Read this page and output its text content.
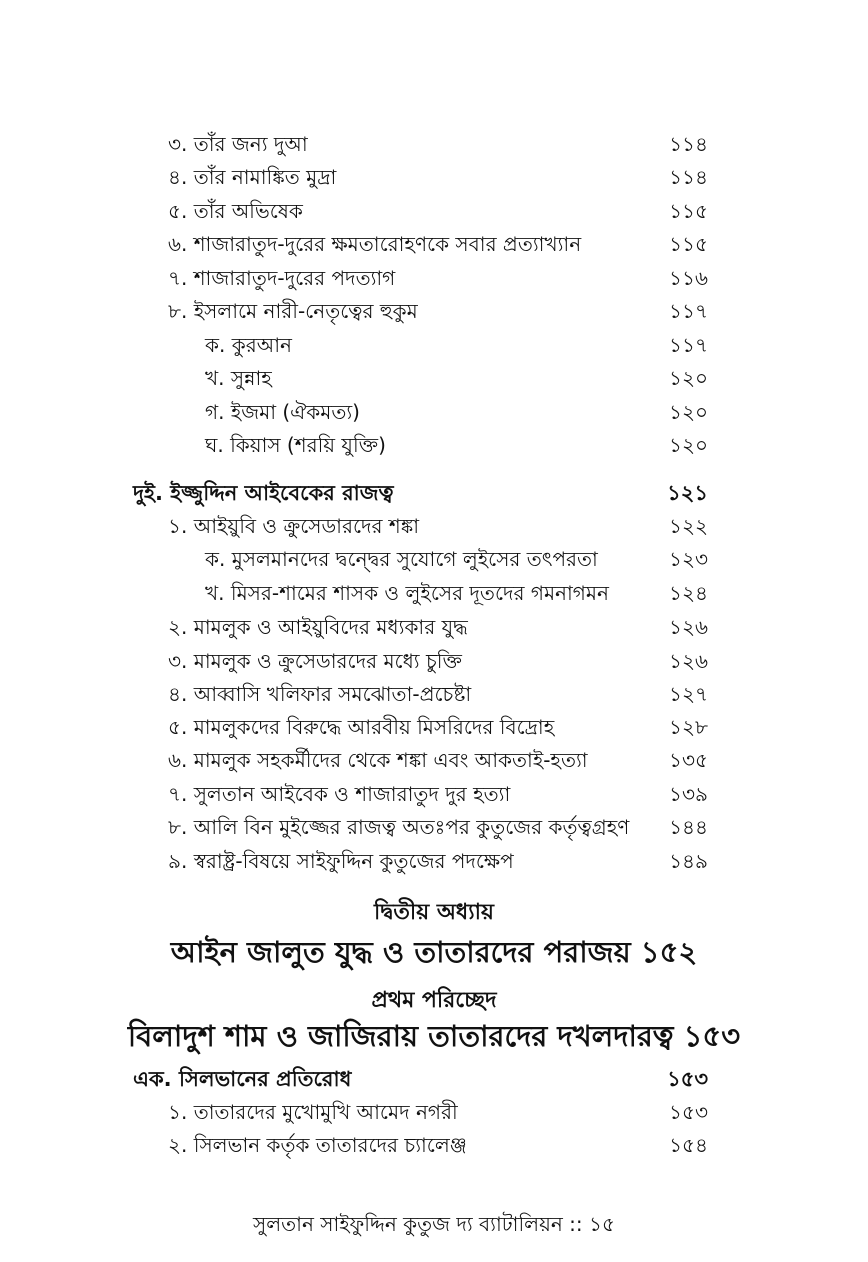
৩. তাঁর জন্য দুআ	১১৪
৪. তাঁর নামাঙ্কিত মুদ্রা	১১৪
৫. তাঁর অভিষেক	১১৫
৬. শাজারাতুদ-দুরের ক্ষমতারোহণকে সবার প্রত্যাখ্যান	১১৫
৭. শাজারাতুদ-দুরের পদত্যাগ	১১৬
৮. ইসলামে নারী-নেতৃত্বের হুকুম	১১৭
ক. কুরআন	১১৭
খ. সুন্নাহ	১২০
গ. ইজমা (ঐকমত্য)	১২০
ঘ. কিয়াস (শরয়ি যুক্তি)	১২০
দুই. ইজ্জুদ্দিন আইবেকের রাজত্ব	১২১
১. আইয়ুবি ও ক্রুসেডারদের শঙ্কা	১২২
ক. মুসলমানদের দ্বন্দ্বের সুযোগে লুইসের তৎপরতা	১২৩
খ. মিসর-শামের শাসক ও লুইসের দূতদের গমনাগমন	১২৪
২. মামলুক ও আইয়ুবিদের মধ্যকার যুদ্ধ	১২৬
৩. মামলুক ও ক্রুসেডারদের মধ্যে চুক্তি	১২৬
৪. আব্বাসি খলিফার সমঝোতা-প্রচেষ্টা	১২৭
৫. মামলুকদের বিরুদ্ধে আরবীয় মিসরিদের বিদ্রোহ	১২৮
৬. মামলুক সহকর্মীদের থেকে শঙ্কা এবং আকতাই-হত্যা	১৩৫
৭. সুলতান আইবেক ও শাজারাতুদ দুর হত্যা	১৩৯
৮. আলি বিন মুইজ্জের রাজত্ব অতঃপর কুতুজের কর্তৃত্বগ্রহণ ১৪৪
৯. স্বরাষ্ট্র-বিষয়ে সাইফুদ্দিন কুতুজের পদক্ষেপ	১৪৯
দ্বিতীয় অধ্যায়
আইন জালুত যুদ্ধ ও তাতারদের পরাজয় ১৫২
প্রথম পরিচ্ছেদ
বিলাদুশ শাম ও জাজিরায় তাতারদের দখলদারত্ব ১৫৩
এক. সিলভানের প্রতিরোধ	১৫৩
১. তাতারদের মুখোমুখি আমেদ নগরী	১৫৩
২. সিলভান কর্তৃক তাতারদের চ্যালেঞ্জ	১৫৪
সুলতান সাইফুদ্দিন কুতুজ দ্য ব্যাটালিয়ন :: ১৫
